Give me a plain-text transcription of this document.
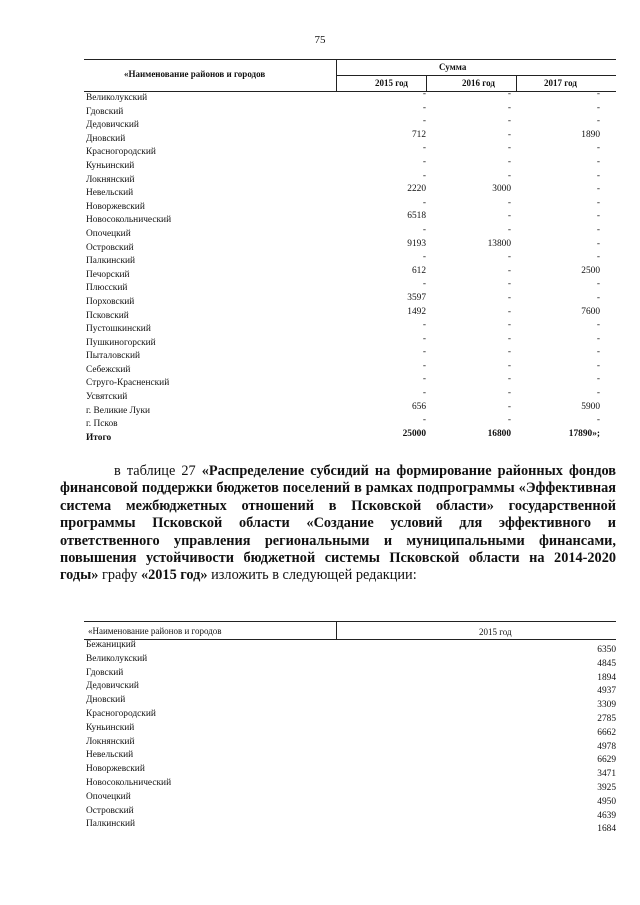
75
«Наименование районов и городов
Сумма
2015 год	2016 год	2017 год
Великолукский	-	-	-
Гдовский	-	-	-
Дедовичский	-	-	-
Дновский	712	-	1890
Красногородский	-	-	-
Куньинский	-	-	-
Локнянский	-	-	-
Невельский	2220	3000	-
Новоржевский	-	-	-
Новосокольнический	6518	-	-
Опочецкий	-	-	-
Островский	9193	13800	-
Палкинский	-	-	-
Печорский	612	-	2500
Плюсский	-	-	-
Порховский	3597	-	-
Псковский	1492	-	7600
Пустошкинский	-	-	-
Пушкиногорский	-	-	-
Пыталовский	-	-	-
Себежский	-	-	-
Струго-Красненский	-	-	-
Усвятский	-	-	-
г. Великие Луки	656	-	5900
г. Псков	-	-	-
Итого	25000	16800	17890»;
в таблице 27 «Распределение субсидий на формирование районных фондов финансовой поддержки бюджетов поселений в рамках подпрограммы «Эффективная система межбюджетных отношений в Псковской области» государственной программы Псковской области «Создание условий для эффективного и ответственного управления региональными и муниципальными финансами, повышения устойчивости бюджетной системы Псковской области на 2014-2020 годы» графу «2015 год» изложить в следующей редакции:
«Наименование районов и городов	2015 год
Бежаницкий	6350
Великолукский	4845
Гдовский	1894
Дедовичский	4937
Дновский	3309
Красногородский	2785
Куньинский	6662
Локнянский	4978
Невельский	6629
Новоржевский	3471
Новосокольнический	3925
Опочецкий	4950
Островский	4639
Палкинский	1684
